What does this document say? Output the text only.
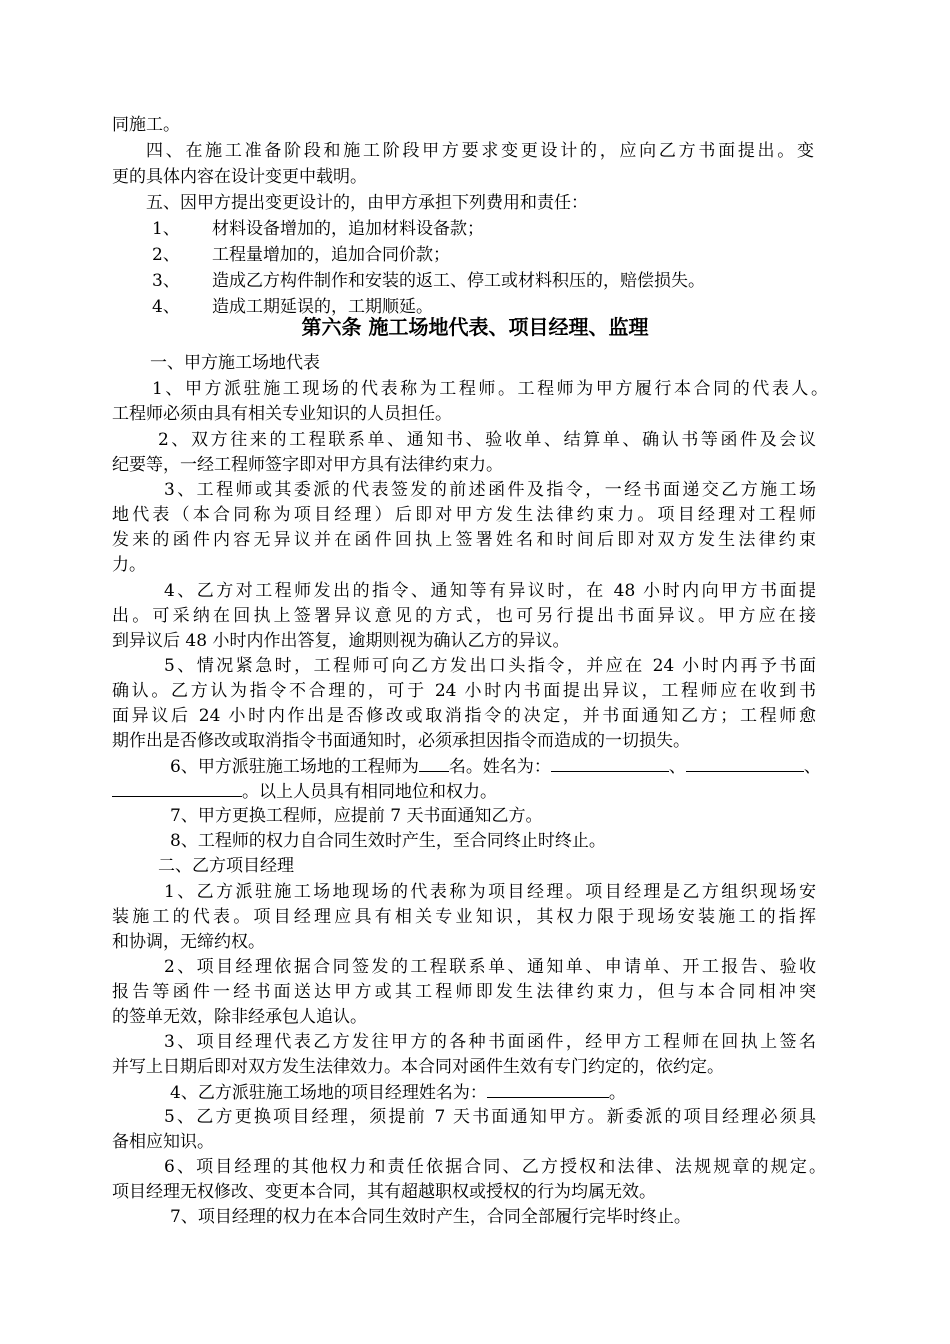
同施工。
四、在施工准备阶段和施工阶段甲方要求变更设计的，应向乙方书面提出。变
更的具体内容在设计变更中载明。
五、因甲方提出变更设计的，由甲方承担下列费用和责任：
1、 材料设备增加的，追加材料设备款；
2、 工程量增加的，追加合同价款；
3、 造成乙方构件制作和安装的返工、停工或材料积压的，赔偿损失。
4、 造成工期延误的，工期顺延。
第六条 施工场地代表、项目经理、监理
一、甲方施工场地代表
1、甲方派驻施工现场的代表称为工程师。工程师为甲方履行本合同的代表人。
工程师必须由具有相关专业知识的人员担任。
2、双方往来的工程联系单、通知书、验收单、结算单、确认书等函件及会议
纪要等，一经工程师签字即对甲方具有法律约束力。
3、工程师或其委派的代表签发的前述函件及指令，一经书面递交乙方施工场
地代表（本合同称为项目经理）后即对甲方发生法律约束力。项目经理对工程师
发来的函件内容无异议并在函件回执上签署姓名和时间后即对双方发生法律约束
力。
4、乙方对工程师发出的指令、通知等有异议时，在 48 小时内向甲方书面提
出。可采纳在回执上签署异议意见的方式，也可另行提出书面异议。甲方应在接
到异议后 48 小时内作出答复，逾期则视为确认乙方的异议。
5、情况紧急时，工程师可向乙方发出口头指令，并应在 24 小时内再予书面
确认。乙方认为指令不合理的，可于 24 小时内书面提出异议，工程师应在收到书
面异议后 24 小时内作出是否修改或取消指令的决定，并书面通知乙方；工程师愈
期作出是否修改或取消指令书面通知时，必须承担因指令而造成的一切损失。
6、甲方派驻施工场地的工程师为 名。姓名为：	、	、
。以上人员具有相同地位和权力。
7、甲方更换工程师，应提前 7 天书面通知乙方。
8、工程师的权力自合同生效时产生，至合同终止时终止。
二、乙方项目经理
1、乙方派驻施工场地现场的代表称为项目经理。项目经理是乙方组织现场安
装施工的代表。项目经理应具有相关专业知识，其权力限于现场安装施工的指挥
和协调，无缔约权。
2、项目经理依据合同签发的工程联系单、通知单、申请单、开工报告、验收
报告等函件一经书面送达甲方或其工程师即发生法律约束力，但与本合同相冲突
的签单无效，除非经承包人追认。
3、项目经理代表乙方发往甲方的各种书面函件，经甲方工程师在回执上签名
并写上日期后即对双方发生法律效力。本合同对函件生效有专门约定的，依约定。
4、乙方派驻施工场地的项目经理姓名为：	。
5、乙方更换项目经理，须提前 7 天书面通知甲方。新委派的项目经理必须具
备相应知识。
6、项目经理的其他权力和责任依据合同、乙方授权和法律、法规规章的规定。
项目经理无权修改、变更本合同，其有超越职权或授权的行为均属无效。
7、项目经理的权力在本合同生效时产生，合同全部履行完毕时终止。
